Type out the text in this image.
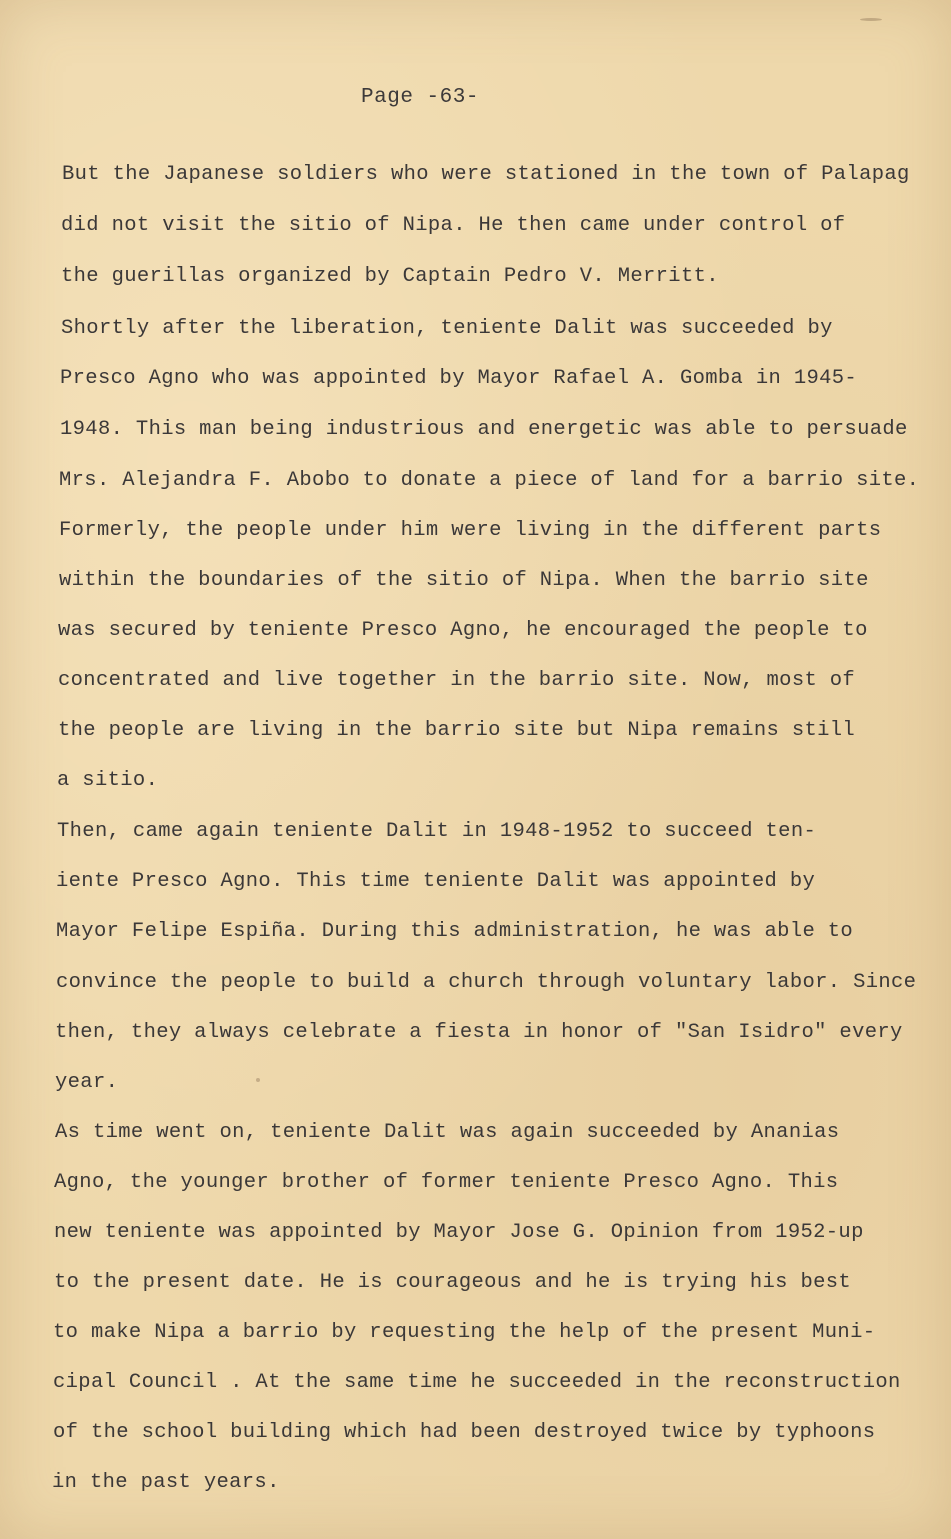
Page -63-
But the Japanese soldiers who were stationed in the town of Palapag
did not visit the sitio of Nipa. He then came under control of
the guerillas organized by Captain Pedro V. Merritt.
Shortly after the liberation, teniente Dalit was succeeded by
Presco Agno who was appointed by Mayor Rafael A. Gomba in 1945-
1948. This man being industrious and energetic was able to persuade
Mrs. Alejandra F. Abobo to donate a piece of land for a barrio site.
Formerly, the people under him were living in the different parts
within the boundaries of the sitio of Nipa. When the barrio site
was secured by teniente Presco Agno, he encouraged the people to
concentrated and live together in the barrio site. Now, most of
the people are living in the barrio site but Nipa remains still
a sitio.
Then, came again teniente Dalit in 1948-1952 to succeed ten-
iente Presco Agno. This time teniente Dalit was appointed by
Mayor Felipe Espiña. During this administration, he was able to
convince the people to build a church through voluntary labor. Since
then, they always celebrate a fiesta in honor of "San Isidro" every
year.
As time went on, teniente Dalit was again succeeded by Ananias
Agno, the younger brother of former teniente Presco Agno. This
new teniente was appointed by Mayor Jose G. Opinion from 1952-up
to the present date. He is courageous and he is trying his best
to make Nipa a barrio by requesting the help of the present Muni-
cipal Council . At the same time he succeeded in the reconstruction
of the school building which had been destroyed twice by typhoons
in the past years.
